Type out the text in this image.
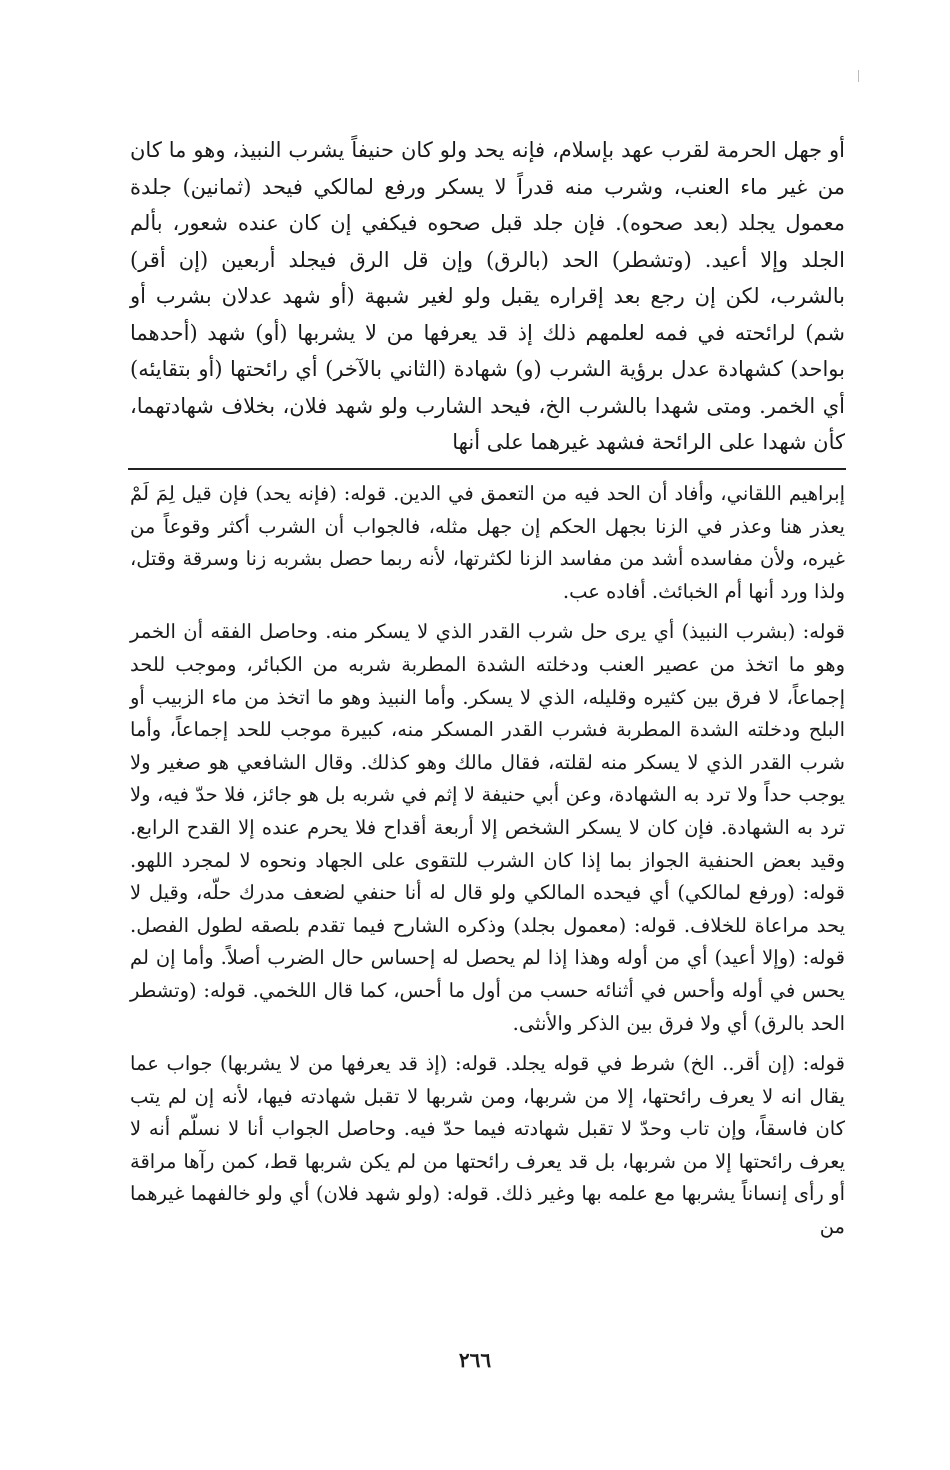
أو جهل الحرمة لقرب عهد بإسلام، فإنه يحد ولو كان حنيفاً يشرب النبيذ، وهو ما كان من غير ماء العنب، وشرب منه قدراً لا يسكر ورفع لمالكي فيحد (ثمانين) جلدة معمول يجلد (بعد صحوه). فإن جلد قبل صحوه فيكفي إن كان عنده شعور، بألم الجلد وإلا أعيد. (وتشطر) الحد (بالرق) وإن قل الرق فيجلد أربعين (إن أقر) بالشرب، لكن إن رجع بعد إقراره يقبل ولو لغير شبهة (أو شهد عدلان بشرب أو شم) لرائحته في فمه لعلمهم ذلك إذ قد يعرفها من لا يشربها (أو) شهد (أحدهما بواحد) كشهادة عدل برؤية الشرب (و) شهادة (الثاني بالآخر) أي رائحتها (أو بتقايئه) أي الخمر. ومتى شهدا بالشرب الخ، فيحد الشارب ولو شهد فلان، بخلاف شهادتهما، كأن شهدا على الرائحة فشهد غيرهما على أنها

إبراهيم اللقاني، وأفاد أن الحد فيه من التعمق في الدين. قوله: (فإنه يحد) فإن قيل لِمَ لَمْ يعذر هنا وعذر في الزنا بجهل الحكم إن جهل مثله، فالجواب أن الشرب أكثر وقوعاً من غيره، ولأن مفاسده أشد من مفاسد الزنا لكثرتها، لأنه ربما حصل بشربه زنا وسرقة وقتل، ولذا ورد أنها أم الخبائث. أفاده عب.

قوله: (بشرب النبيذ) أي يرى حل شرب القدر الذي لا يسكر منه. وحاصل الفقه أن الخمر وهو ما اتخذ من عصير العنب ودخلته الشدة المطربة شربه من الكبائر، وموجب للحد إجماعاً، لا فرق بين كثيره وقليله، الذي لا يسكر. وأما النبيذ وهو ما اتخذ من ماء الزبيب أو البلح ودخلته الشدة المطربة فشرب القدر المسكر منه، كبيرة موجب للحد إجماعاً، وأما شرب القدر الذي لا يسكر منه لقلته، فقال مالك وهو كذلك. وقال الشافعي هو صغير ولا يوجب حداً ولا ترد به الشهادة، وعن أبي حنيفة لا إثم في شربه بل هو جائز، فلا حدّ فيه، ولا ترد به الشهادة. فإن كان لا يسكر الشخص إلا أربعة أقداح فلا يحرم عنده إلا القدح الرابع. وقيد بعض الحنفية الجواز بما إذا كان الشرب للتقوى على الجهاد ونحوه لا لمجرد اللهو. قوله: (ورفع لمالكي) أي فيحده المالكي ولو قال له أنا حنفي لضعف مدرك حلّه، وقيل لا يحد مراعاة للخلاف. قوله: (معمول بجلد) وذكره الشارح فيما تقدم بلصقه لطول الفصل. قوله: (وإلا أعيد) أي من أوله وهذا إذا لم يحصل له إحساس حال الضرب أصلاً. وأما إن لم يحس في أوله وأحس في أثنائه حسب من أول ما أحس، كما قال اللخمي. قوله: (وتشطر الحد بالرق) أي ولا فرق بين الذكر والأنثى.

قوله: (إن أقر.. الخ) شرط في قوله يجلد. قوله: (إذ قد يعرفها من لا يشربها) جواب عما يقال انه لا يعرف رائحتها، إلا من شربها، ومن شربها لا تقبل شهادته فيها، لأنه إن لم يتب كان فاسقاً، وإن تاب وحدّ لا تقبل شهادته فيما حدّ فيه. وحاصل الجواب أنا لا نسلّم أنه لا يعرف رائحتها إلا من شربها، بل قد يعرف رائحتها من لم يكن شربها قط، كمن رآها مراقة أو رأى إنساناً يشربها مع علمه بها وغير ذلك. قوله: (ولو شهد فلان) أي ولو خالفهما غيرهما من

٢٦٦
